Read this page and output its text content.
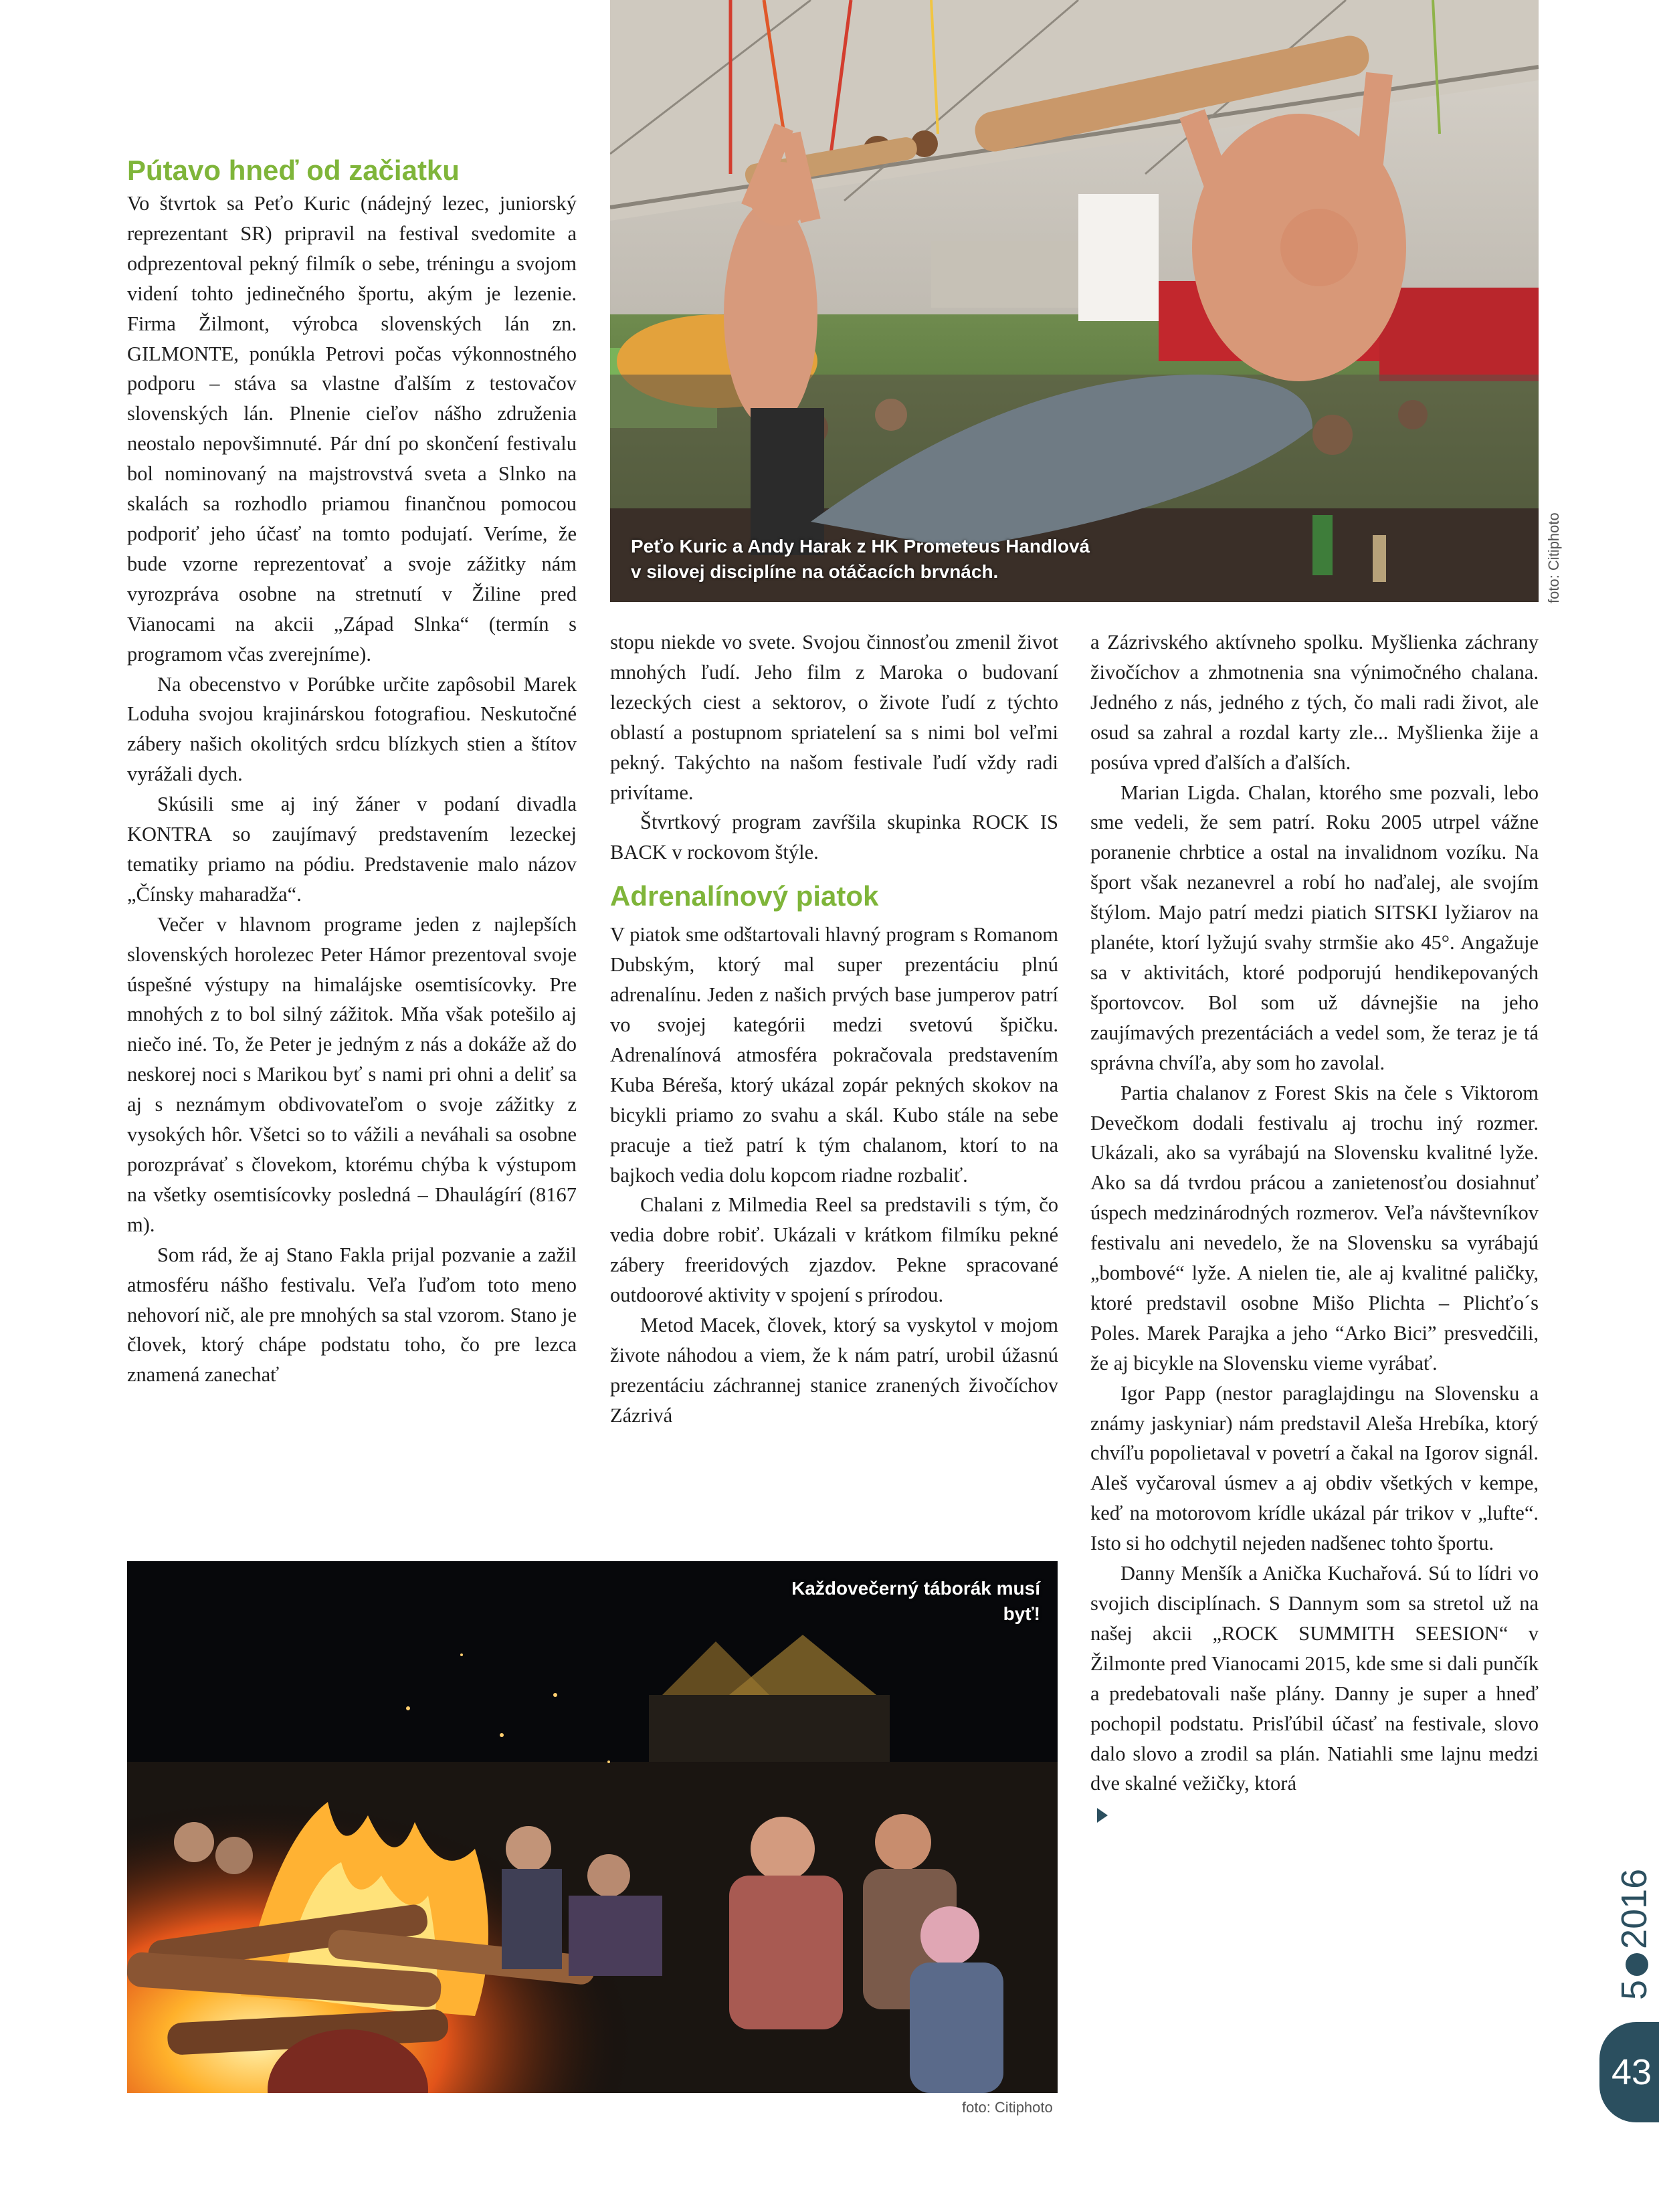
Peťo Kuric a Andy Harak z HK Prometeus Handlová
v silovej disciplíne na otáčacích brvnách.	foto: Citiphoto
Pútavo hneď od začiatku

Vo štvrtok sa Peťo Kuric (nádejný lezec, juniorský reprezentant SR) pripravil na festival svedomite a odprezentoval pekný filmík o sebe, tréningu a svojom videní tohto jedinečného športu, akým je lezenie. Firma Žilmont, výrobca slovenských lán zn. GILMONTE, ponúkla Petrovi počas výkonnostného podporu – stáva sa vlastne ďalším z testovačov slovenských lán. Plnenie cieľov nášho združenia neostalo nepovšimnuté. Pár dní po skončení festivalu bol nominovaný na majstrovstvá sveta a Slnko na skalách sa rozhodlo priamou finančnou pomocou podporiť jeho účasť na tomto podujatí. Veríme, že bude vzorne reprezentovať a svoje zážitky nám vyrozpráva osobne na stretnutí v Žiline pred Vianocami na akcii „Západ Slnka“ (termín s programom včas zverejníme).

Na obecenstvo v Porúbke určite zapôsobil Marek Loduha svojou krajinárskou fotografiou. Neskutočné zábery našich okolitých srdcu blízkych stien a štítov vyrážali dych.

Skúsili sme aj iný žáner v podaní divadla KONTRA so zaujímavý predstavením lezeckej tematiky priamo na pódiu. Predstavenie malo názov „Čínsky maharadža“.

Večer v hlavnom programe jeden z najlepších slovenských horolezec Peter Hámor prezentoval svoje úspešné výstupy na himalájske osemtisícovky. Pre mnohých z to bol silný zážitok. Mňa však potešilo aj niečo iné. To, že Peter je jedným z nás a dokáže až do neskorej noci s Marikou byť s nami pri ohni a deliť sa aj s neznámym obdivovateľom o svoje zážitky z vysokých hôr. Všetci so to vážili a neváhali sa osobne porozprávať s človekom, ktorému chýba k výstupom na všetky osemtisícovky posledná – Dhaulágírí (8167 m).

Som rád, že aj Stano Fakla prijal pozvanie a zažil atmosféru nášho festivalu. Veľa ľuďom toto meno nehovorí nič, ale pre mnohých sa stal vzorom. Stano je človek, ktorý chápe podstatu toho, čo pre lezca znamená zanechať

stopu niekde vo svete. Svojou činnosťou zmenil život mnohých ľudí. Jeho film z Maroka o budovaní lezeckých ciest a sektorov, o živote ľudí z týchto oblastí a postupnom spriatelení sa s nimi bol veľmi pekný. Takýchto na našom festivale ľudí vždy radi privítame.

Štvrtkový program zavŕšila skupinka ROCK IS BACK v rockovom štýle.

Adrenalínový piatok

V piatok sme odštartovali hlavný program s Romanom Dubským, ktorý mal super prezentáciu plnú adrenalínu. Jeden z našich prvých base jumperov patrí vo svojej kategórii medzi svetovú špičku. Adrenalínová atmosféra pokračovala predstavením Kuba Béreša, ktorý ukázal zopár pekných skokov na bicykli priamo zo svahu a skál. Kubo stále na sebe pracuje a tiež patrí k tým chalanom, ktorí to na bajkoch vedia dolu kopcom riadne rozbaliť.

Chalani z Milmedia Reel sa predstavili s tým, čo vedia dobre robiť. Ukázali v krátkom filmíku pekné zábery freeridových zjazdov. Pekne spracované outdoorové aktivity v spojení s prírodou.

Metod Macek, človek, ktorý sa vyskytol v mojom živote náhodou a viem, že k nám patrí, urobil úžasnú prezentáciu záchrannej stanice zranených živočíchov Zázrivá

a Zázrivského aktívneho spolku. Myšlienka záchrany živočíchov a zhmotnenia sna výnimočného chalana. Jedného z nás, jedného z tých, čo mali radi život, ale osud sa zahral a rozdal karty zle... Myšlienka žije a posúva vpred ďalších a ďalších.

Marian Ligda. Chalan, ktorého sme pozvali, lebo sme vedeli, že sem patrí. Roku 2005 utrpel vážne poranenie chrbtice a ostal na invalidnom vozíku. Na šport však nezanevrel a robí ho naďalej, ale svojím štýlom. Majo patrí medzi piatich SITSKI lyžiarov na planéte, ktorí lyžujú svahy strmšie ako 45°. Angažuje sa v aktivitách, ktoré podporujú hendikepovaných športovcov. Bol som už dávnejšie na jeho zaujímavých prezentáciách a vedel som, že teraz je tá správna chvíľa, aby som ho zavolal.

Partia chalanov z Forest Skis na čele s Viktorom Devečkom dodali festivalu aj trochu iný rozmer. Ukázali, ako sa vyrábajú na Slovensku kvalitné lyže. Ako sa dá tvrdou prácou a zanietenosťou dosiahnuť úspech medzinárodných rozmerov. Veľa návštevníkov festivalu ani nevedelo, že na Slovensku sa vyrábajú „bombové“ lyže. A nielen tie, ale aj kvalitné paličky, ktoré predstavil osobne Mišo Plichta – Plichťo´s Poles. Marek Parajka a jeho “Arko Bici” presvedčili, že aj bicykle na Slovensku vieme vyrábať.

Igor Papp (nestor paraglajdingu na Slovensku a známy jaskyniar) nám predstavil Aleša Hrebíka, ktorý chvíľu popolietaval v povetrí a čakal na Igorov signál. Aleš vyčaroval úsmev a aj obdiv všetkých v kempe, keď na motorovom krídle ukázal pár trikov v „lufte“. Isto si ho odchytil nejeden nadšenec tohto športu.

Danny Menšík a Anička Kuchařová. Sú to lídri vo svojich disciplínach. S Dannym som sa stretol už na našej akcii „ROCK SUMMITH SEESION“ v Žilmonte pred Vianocami 2015, kde sme si dali punčík a predebatovali naše plány. Danny je super a hneď pochopil podstatu. Prisľúbil účasť na festivale, slovo dalo slovo a zrodil sa plán. Natiahli sme lajnu medzi dve skalné vežičky, ktorá

Každovečerný táborák musí byť!
foto: Citiphoto
52016
43
